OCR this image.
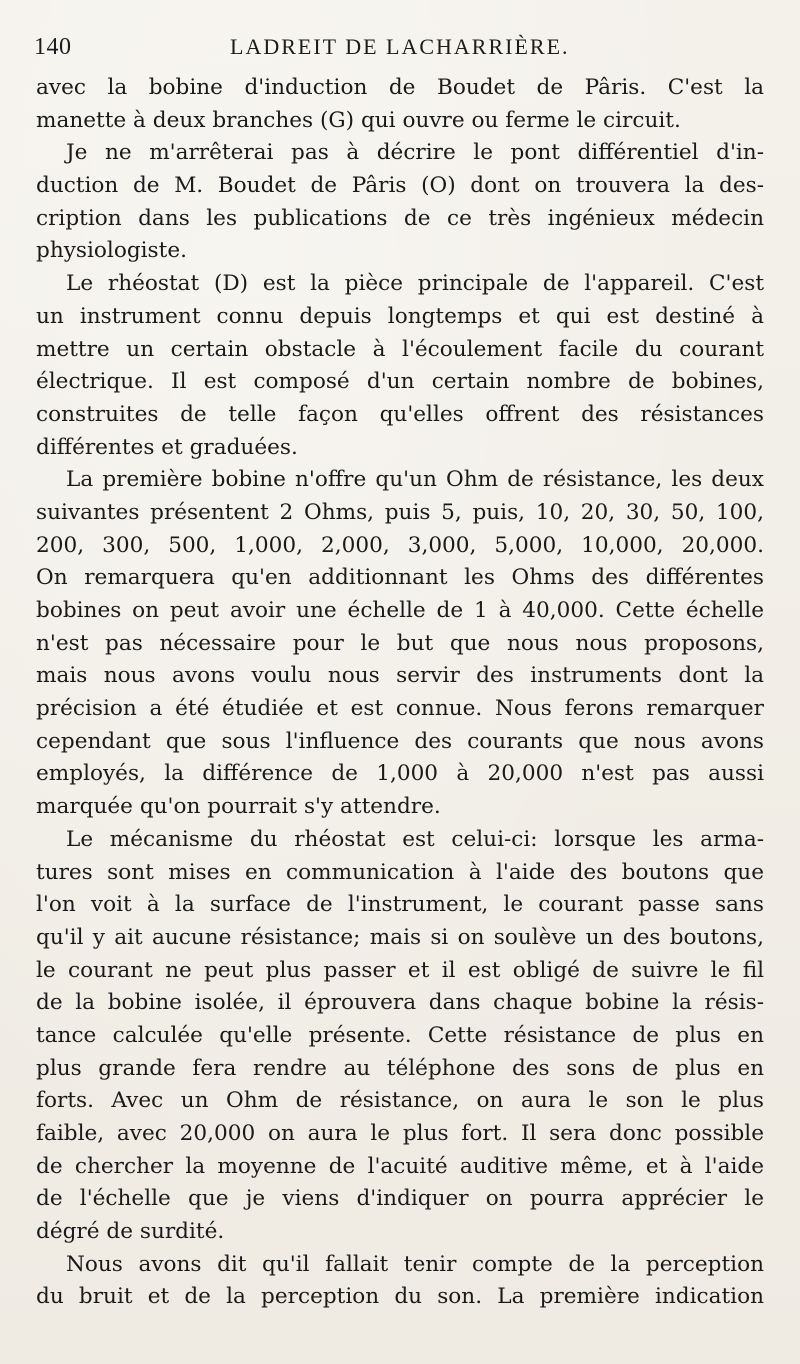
140	LADREIT DE LACHARRIÈRE.
avec la bobine d'induction de Boudet de Pâris. C'est la
manette à deux branches (G) qui ouvre ou ferme le circuit.
Je ne m'arrêterai pas à décrire le pont différentiel d'in-
duction de M. Boudet de Pâris (O) dont on trouvera la des-
cription dans les publications de ce très ingénieux médecin
physiologiste.
Le rhéostat (D) est la pièce principale de l'appareil. C'est
un instrument connu depuis longtemps et qui est destiné à
mettre un certain obstacle à l'écoulement facile du courant
électrique. Il est composé d'un certain nombre de bobines,
construites de telle façon qu'elles offrent des résistances
différentes et graduées.
La première bobine n'offre qu'un Ohm de résistance, les deux
suivantes présentent 2 Ohms, puis 5, puis, 10, 20, 30, 50, 100,
200, 300, 500, 1,000, 2,000, 3,000, 5,000, 10,000, 20,000.
On remarquera qu'en additionnant les Ohms des différentes
bobines on peut avoir une échelle de 1 à 40,000. Cette échelle
n'est pas nécessaire pour le but que nous nous proposons,
mais nous avons voulu nous servir des instruments dont la
précision a été étudiée et est connue. Nous ferons remarquer
cependant que sous l'influence des courants que nous avons
employés, la différence de 1,000 à 20,000 n'est pas aussi
marquée qu'on pourrait s'y attendre.
Le mécanisme du rhéostat est celui-ci: lorsque les arma-
tures sont mises en communication à l'aide des boutons que
l'on voit à la surface de l'instrument, le courant passe sans
qu'il y ait aucune résistance; mais si on soulève un des boutons,
le courant ne peut plus passer et il est obligé de suivre le fil
de la bobine isolée, il éprouvera dans chaque bobine la résis-
tance calculée qu'elle présente. Cette résistance de plus en
plus grande fera rendre au téléphone des sons de plus en
forts. Avec un Ohm de résistance, on aura le son le plus
faible, avec 20,000 on aura le plus fort. Il sera donc possible
de chercher la moyenne de l'acuité auditive même, et à l'aide
de l'échelle que je viens d'indiquer on pourra apprécier le
dégré de surdité.
Nous avons dit qu'il fallait tenir compte de la perception
du bruit et de la perception du son. La première indication
